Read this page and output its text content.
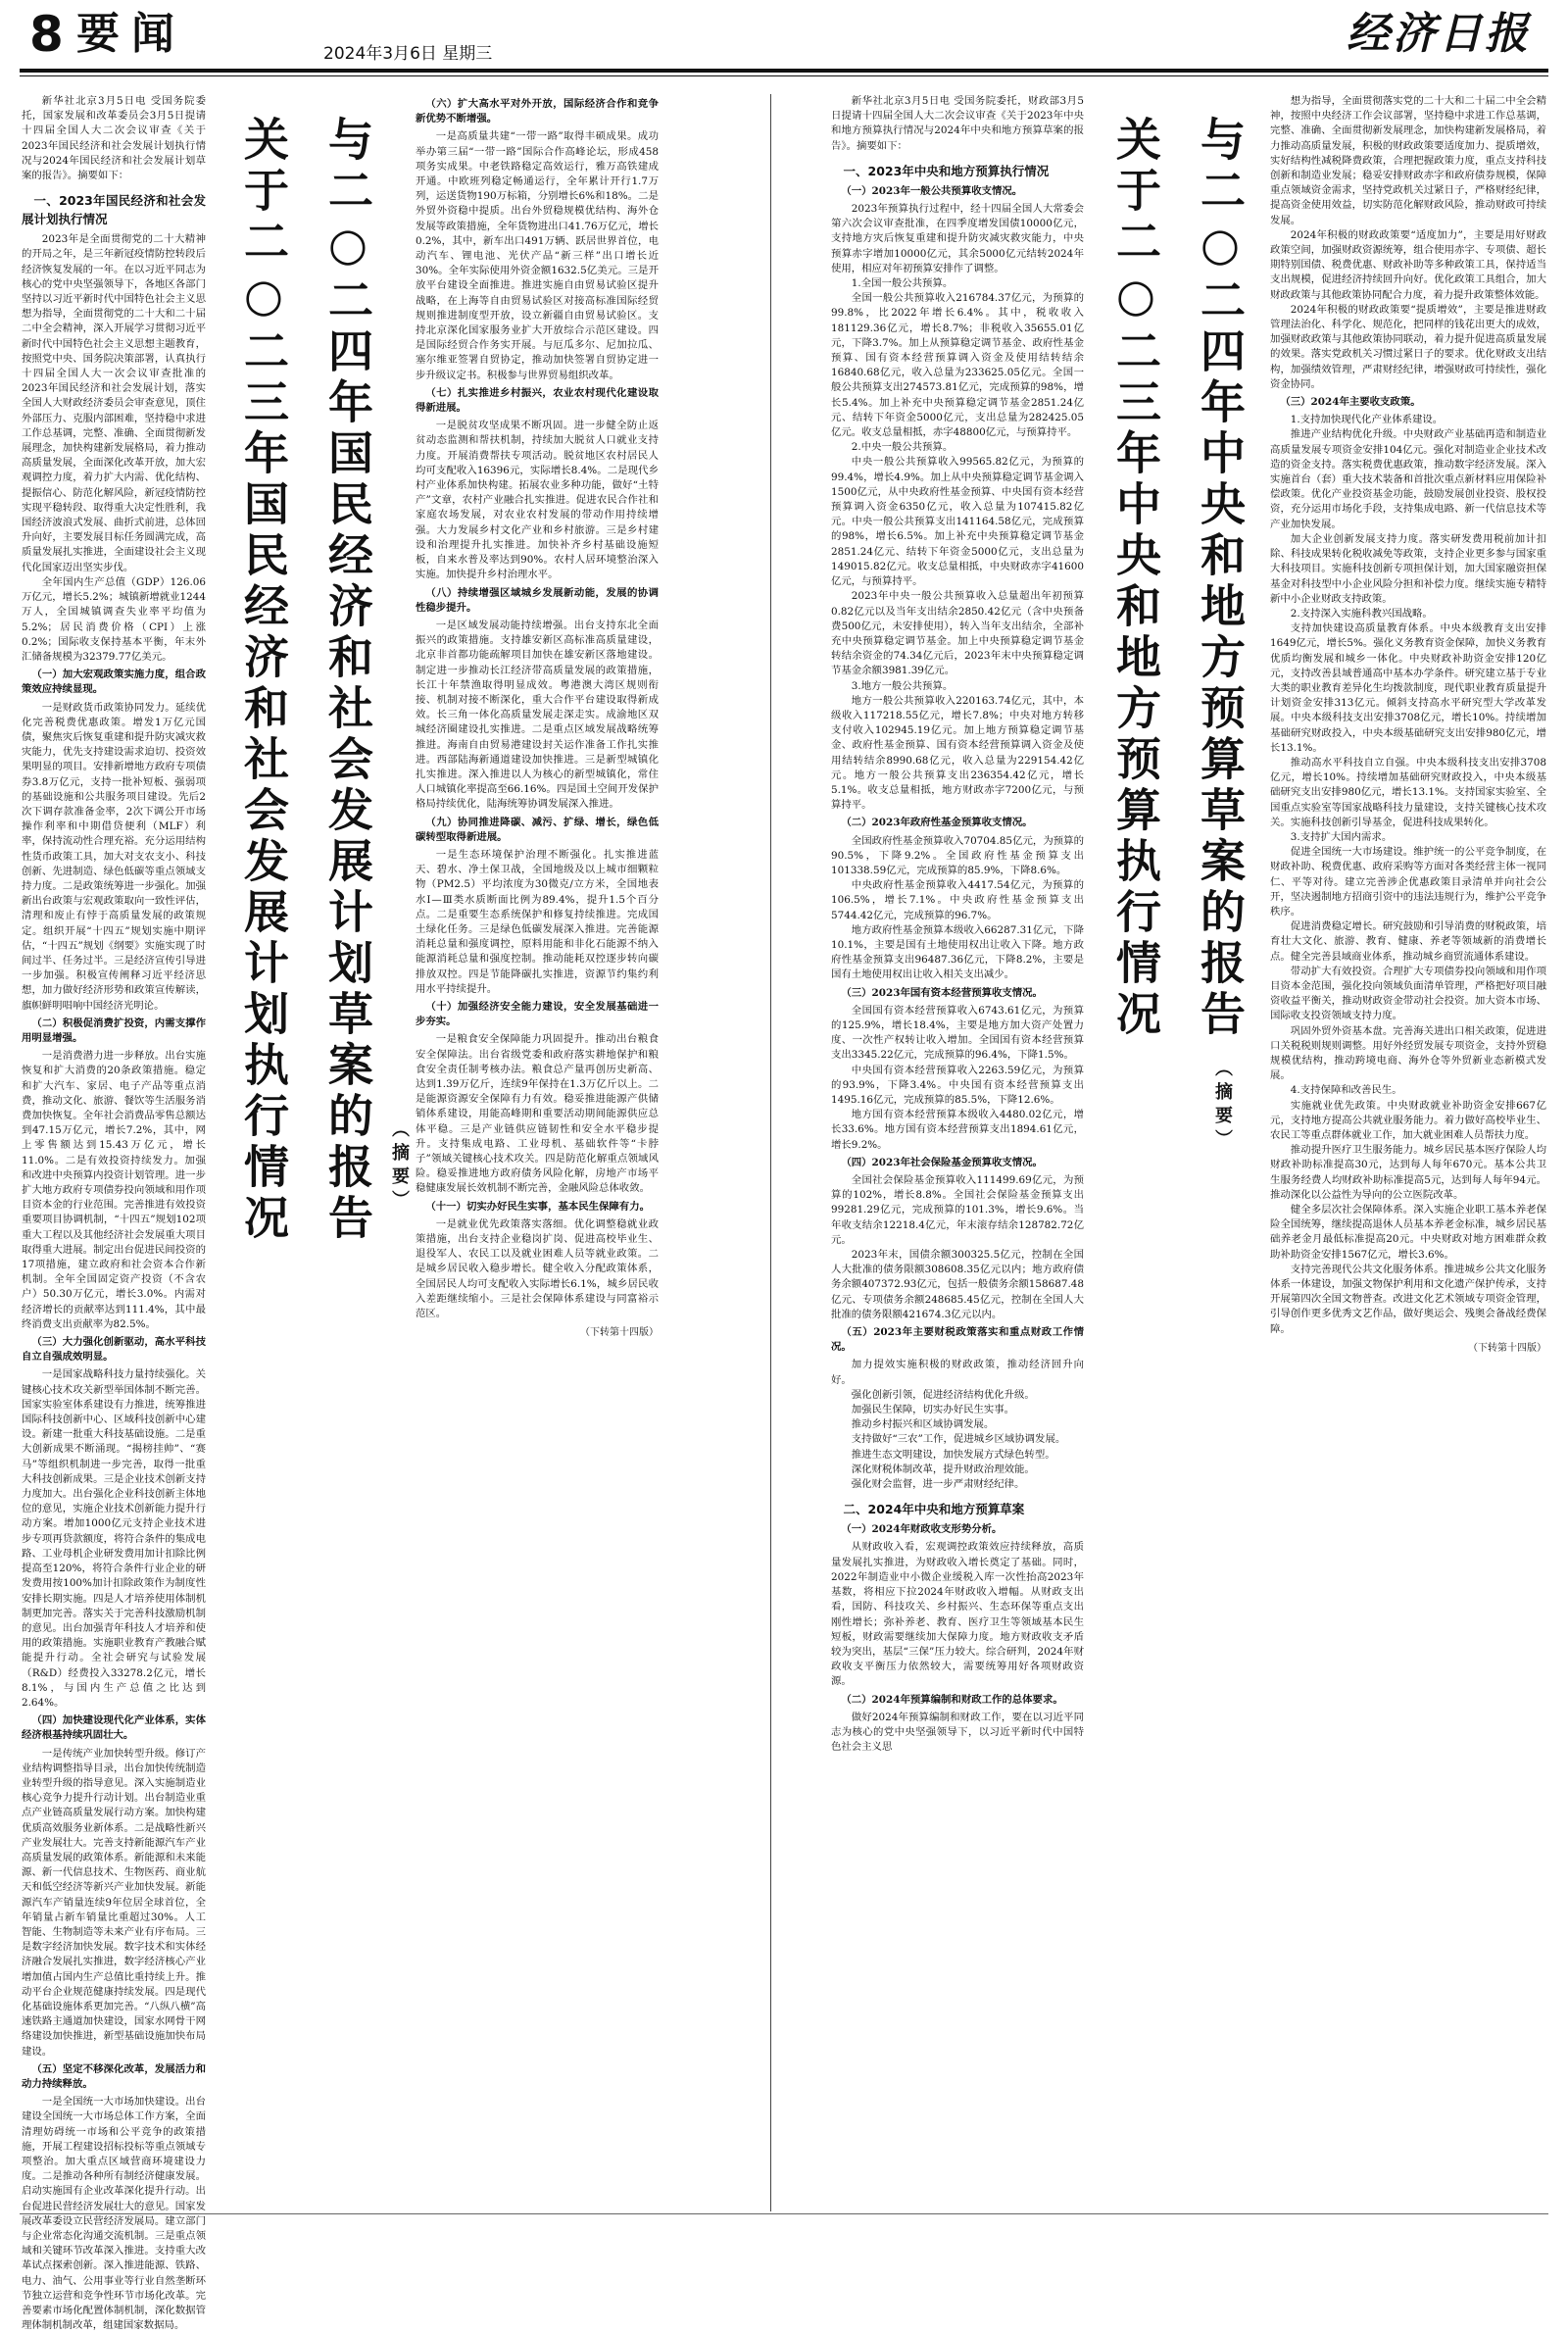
8 要闻	2024年3月6日 星期三	经济日报

新华社北京3月5日电 受国务院委托，国家发展和改革委员会3月5日提请十四届全国人大二次会议审查《关于2023年国民经济和社会发展计划执行情况与2024年国民经济和社会发展计划草案的报告》。摘要如下：

一、2023年国民经济和社会发展计划执行情况

2023年是全面贯彻党的二十大精神的开局之年，是三年新冠疫情防控转段后经济恢复发展的一年。在以习近平同志为核心的党中央坚强领导下，各地区各部门坚持以习近平新时代中国特色社会主义思想为指导，全面贯彻党的二十大和二十届二中全会精神，深入开展学习贯彻习近平新时代中国特色社会主义思想主题教育，按照党中央、国务院决策部署，认真执行十四届全国人大一次会议审查批准的2023年国民经济和社会发展计划，落实全国人大财政经济委员会审查意见，顶住外部压力、克服内部困难，坚持稳中求进工作总基调，完整、准确、全面贯彻新发展理念，加快构建新发展格局，着力推动高质量发展，全面深化改革开放，加大宏观调控力度，着力扩大内需、优化结构、提振信心、防范化解风险，新冠疫情防控实现平稳转段、取得重大决定性胜利，我国经济波浪式发展、曲折式前进，总体回升向好，主要发展目标任务圆满完成，高质量发展扎实推进，全面建设社会主义现代化国家迈出坚实步伐。

全年国内生产总值（GDP）126.06万亿元，增长5.2%；城镇新增就业1244万人，全国城镇调查失业率平均值为5.2%；居民消费价格（CPI）上涨0.2%；国际收支保持基本平衡，年末外汇储备规模为32379.77亿美元。

（一）加大宏观政策实施力度，组合政策效应持续显现。

一是财政货币政策协同发力。延续优化完善税费优惠政策。增发1万亿元国债，聚焦灾后恢复重建和提升防灾减灾救灾能力，优先支持建设需求迫切、投资效果明显的项目。安排新增地方政府专项债券3.8万亿元，支持一批补短板、强弱项的基础设施和公共服务项目建设。先后2次下调存款准备金率，2次下调公开市场操作利率和中期借贷便利（MLF）利率，保持流动性合理充裕。充分运用结构性货币政策工具，加大对支农支小、科技创新、先进制造、绿色低碳等重点领域支持力度。二是政策统筹进一步强化。加强新出台政策与宏观政策取向一致性评估，清理和废止有悖于高质量发展的政策规定。组织开展“十四五”规划实施中期评估，“十四五”规划《纲要》实施实现了时间过半、任务过半。三是经济宣传引导进一步加强。积极宣传阐释习近平经济思想，加力做好经济形势和政策宣传解读，旗帜鲜明唱响中国经济光明论。

（二）积极促消费扩投资，内需支撑作用明显增强。

一是消费潜力进一步释放。出台实施恢复和扩大消费的20条政策措施。稳定和扩大汽车、家居、电子产品等重点消费，推动文化、旅游、餐饮等生活服务消费加快恢复。全年社会消费品零售总额达到47.15万亿元，增长7.2%，其中，网上零售额达到15.43万亿元，增长11.0%。二是有效投资持续发力。加强和改进中央预算内投资计划管理。进一步扩大地方政府专项债券投向领域和用作项目资本金的行业范围。完善推进有效投资重要项目协调机制，“十四五”规划102项重大工程以及其他经济社会发展重大项目取得重大进展。制定出台促进民间投资的17项措施，建立政府和社会资本合作新机制。全年全国固定资产投资（不含农户）50.30万亿元，增长3.0%。内需对经济增长的贡献率达到111.4%，其中最终消费支出贡献率为82.5%。

（三）大力强化创新驱动，高水平科技自立自强成效明显。

一是国家战略科技力量持续强化。关键核心技术攻关新型举国体制不断完善。国家实验室体系建设有力推进，统筹推进国际科技创新中心、区域科技创新中心建设。新建一批重大科技基础设施。二是重大创新成果不断涌现。“揭榜挂帅”、“赛马”等组织机制进一步完善，取得一批重大科技创新成果。三是企业技术创新支持力度加大。出台强化企业科技创新主体地位的意见，实施企业技术创新能力提升行动方案。增加1000亿元支持企业技术进步专项再贷款额度，将符合条件的集成电路、工业母机企业研发费用加计扣除比例提高至120%，将符合条件行业企业的研发费用按100%加计扣除政策作为制度性安排长期实施。四是人才培养使用体制机制更加完善。落实关于完善科技激励机制的意见。出台加强青年科技人才培养和使用的政策措施。实施职业教育产教融合赋能提升行动。全社会研究与试验发展（R&D）经费投入33278.2亿元，增长8.1%，与国内生产总值之比达到2.64%。

（四）加快建设现代化产业体系，实体经济根基持续巩固壮大。

一是传统产业加快转型升级。修订产业结构调整指导目录，出台加快传统制造业转型升级的指导意见。深入实施制造业核心竞争力提升行动计划。出台制造业重点产业链高质量发展行动方案。加快构建优质高效服务业新体系。二是战略性新兴产业发展壮大。完善支持新能源汽车产业高质量发展的政策体系。新能源和未来能源、新一代信息技术、生物医药、商业航天和低空经济等新兴产业加快发展。新能源汽车产销量连续9年位居全球首位，全年销量占新车销量比重超过30%。人工智能、生物制造等未来产业有序布局。三是数字经济加快发展。数字技术和实体经济融合发展扎实推进，数字经济核心产业增加值占国内生产总值比重持续上升。推动平台企业规范健康持续发展。四是现代化基础设施体系更加完善。“八纵八横”高速铁路主通道加快建设，国家水网骨干网络建设加快推进，新型基础设施加快布局建设。

（五）坚定不移深化改革，发展活力和动力持续释放。

一是全国统一大市场加快建设。出台建设全国统一大市场总体工作方案，全面清理妨碍统一市场和公平竞争的政策措施，开展工程建设招标投标等重点领域专项整治。加大重点区域营商环境建设力度。二是推动各种所有制经济健康发展。启动实施国有企业改革深化提升行动。出台促进民营经济发展壮大的意见。国家发展改革委设立民营经济发展局。建立部门与企业常态化沟通交流机制。三是重点领域和关键环节改革深入推进。支持重大改革试点探索创新。深入推进能源、铁路、电力、油气、公用事业等行业自然垄断环节独立运营和竞争性环节市场化改革。完善要素市场化配置体制机制，深化数据管理体制机制改革，组建国家数据局。

关于二○二三年国民经济和社会发展计划执行情况 与二○二四年国民经济和社会发展计划草案的报告 （摘要）
（六）扩大高水平对外开放，国际经济合作和竞争新优势不断增强。

一是高质量共建“一带一路”取得丰硕成果。成功举办第三届“一带一路”国际合作高峰论坛，形成458项务实成果。中老铁路稳定高效运行，雅万高铁建成开通。中欧班列稳定畅通运行，全年累计开行1.7万列，运送货物190万标箱，分别增长6%和18%。二是外贸外资稳中提质。出台外贸稳规模优结构、海外仓发展等政策措施，全年货物进出口41.76万亿元，增长0.2%，其中，新车出口491万辆、跃居世界首位，电动汽车、锂电池、光伏产品“新三样”出口增长近30%。全年实际使用外资金额1632.5亿美元。三是开放平台建设全面推进。推进实施自由贸易试验区提升战略，在上海等自由贸易试验区对接高标准国际经贸规则推进制度型开放，设立新疆自由贸易试验区。支持北京深化国家服务业扩大开放综合示范区建设。四是国际经贸合作务实开展。与厄瓜多尔、尼加拉瓜、塞尔维亚签署自贸协定，推动加快签署自贸协定进一步升级议定书。积极参与世界贸易组织改革。

（七）扎实推进乡村振兴，农业农村现代化建设取得新进展。

一是脱贫攻坚成果不断巩固。进一步健全防止返贫动态监测和帮扶机制，持续加大脱贫人口就业支持力度。开展消费帮扶专项活动。脱贫地区农村居民人均可支配收入16396元，实际增长8.4%。二是现代乡村产业体系加快构建。拓展农业多种功能，做好“土特产”文章，农村产业融合扎实推进。促进农民合作社和家庭农场发展，对农业农村发展的带动作用持续增强。大力发展乡村文化产业和乡村旅游。三是乡村建设和治理提升扎实推进。加快补齐乡村基础设施短板，自来水普及率达到90%。农村人居环境整治深入实施。加快提升乡村治理水平。

（八）持续增强区域城乡发展新动能，发展的协调性稳步提升。

一是区域发展动能持续增强。出台支持东北全面振兴的政策措施。支持雄安新区高标准高质量建设，北京非首都功能疏解项目加快在雄安新区落地建设。制定进一步推动长江经济带高质量发展的政策措施，长江十年禁渔取得明显成效。粤港澳大湾区规则衔接、机制对接不断深化，重大合作平台建设取得新成效。长三角一体化高质量发展走深走实。成渝地区双城经济圈建设扎实推进。二是重点区域发展战略统筹推进。海南自由贸易港建设封关运作准备工作扎实推进。西部陆海新通道建设加快推进。三是新型城镇化扎实推进。深入推进以人为核心的新型城镇化，常住人口城镇化率提高至66.16%。四是国土空间开发保护格局持续优化，陆海统筹协调发展深入推进。

（九）协同推进降碳、减污、扩绿、增长，绿色低碳转型取得新进展。

一是生态环境保护治理不断强化。扎实推进蓝天、碧水、净土保卫战，全国地级及以上城市细颗粒物（PM2.5）平均浓度为30微克/立方米，全国地表水Ⅰ—Ⅲ类水质断面比例为89.4%，提升1.5个百分点。二是重要生态系统保护和修复持续推进。完成国土绿化任务。三是绿色低碳发展深入推进。完善能源消耗总量和强度调控，原料用能和非化石能源不纳入能源消耗总量和强度控制。推动能耗双控逐步转向碳排放双控。四是节能降碳扎实推进，资源节约集约利用水平持续提升。

（十）加强经济安全能力建设，安全发展基础进一步夯实。

一是粮食安全保障能力巩固提升。推动出台粮食安全保障法。出台省级党委和政府落实耕地保护和粮食安全责任制考核办法。粮食总产量再创历史新高、达到1.39万亿斤，连续9年保持在1.3万亿斤以上。二是能源资源安全保障有力有效。稳妥推进能源产供储销体系建设，用能高峰期和重要活动期间能源供应总体平稳。三是产业链供应链韧性和安全水平稳步提升。支持集成电路、工业母机、基础软件等“卡脖子”领域关键核心技术攻关。四是防范化解重点领域风险。稳妥推进地方政府债务风险化解，房地产市场平稳健康发展长效机制不断完善，金融风险总体收敛。

（十一）切实办好民生实事，基本民生保障有力。

一是就业优先政策落实落细。优化调整稳就业政策措施，出台支持企业稳岗扩岗、促进高校毕业生、退役军人、农民工以及就业困难人员等就业政策。二是城乡居民收入稳步增长。健全收入分配政策体系，全国居民人均可支配收入实际增长6.1%，城乡居民收入差距继续缩小。三是社会保障体系建设与同富裕示范区。

（下转第十四版）

新华社北京3月5日电 受国务院委托，财政部3月5日提请十四届全国人大二次会议审查《关于2023年中央和地方预算执行情况与2024年中央和地方预算草案的报告》。摘要如下：

一、2023年中央和地方预算执行情况
（一）2023年一般公共预算收支情况。

2023年预算执行过程中，经十四届全国人大常委会第六次会议审查批准，在四季度增发国债10000亿元，支持地方灾后恢复重建和提升防灾减灾救灾能力，中央预算赤字增加10000亿元，其余5000亿元结转2024年使用，相应对年初预算安排作了调整。

1.全国一般公共预算。

全国一般公共预算收入216784.37亿元，为预算的99.8%，比2022年增长6.4%。其中，税收收入181129.36亿元，增长8.7%；非税收入35655.01亿元，下降3.7%。加上从预算稳定调节基金、政府性基金预算、国有资本经营预算调入资金及使用结转结余16840.68亿元，收入总量为233625.05亿元。全国一般公共预算支出274573.81亿元，完成预算的98%，增长5.4%。加上补充中央预算稳定调节基金2851.24亿元、结转下年资金5000亿元，支出总量为282425.05亿元。收支总量相抵，赤字48800亿元，与预算持平。

2.中央一般公共预算。

中央一般公共预算收入99565.82亿元，为预算的99.4%，增长4.9%。加上从中央预算稳定调节基金调入1500亿元，从中央政府性基金预算、中央国有资本经营预算调入资金6350亿元，收入总量为107415.82亿元。中央一般公共预算支出141164.58亿元，完成预算的98%，增长6.5%。加上补充中央预算稳定调节基金2851.24亿元、结转下年资金5000亿元，支出总量为149015.82亿元。收支总量相抵，中央财政赤字41600亿元，与预算持平。

2023年中央一般公共预算收入总量超出年初预算0.82亿元以及当年支出结余2850.42亿元（含中央预备费500亿元，未安排使用），转入当年支出结余，全部补充中央预算稳定调节基金。加上中央预算稳定调节基金转结余资金的74.34亿元后，2023年末中央预算稳定调节基金余额3981.39亿元。

3.地方一般公共预算。

地方一般公共预算收入220163.74亿元，其中，本级收入117218.55亿元，增长7.8%；中央对地方转移支付收入102945.19亿元。加上地方预算稳定调节基金、政府性基金预算、国有资本经营预算调入资金及使用结转结余8990.68亿元，收入总量为229154.42亿元。地方一般公共预算支出236354.42亿元，增长5.1%。收支总量相抵，地方财政赤字7200亿元，与预算持平。

（二）2023年政府性基金预算收支情况。

全国政府性基金预算收入70704.85亿元，为预算的90.5%，下降9.2%。全国政府性基金预算支出101338.59亿元，完成预算的85.9%，下降8.6%。

中央政府性基金预算收入4417.54亿元，为预算的106.5%，增长7.1%。中央政府性基金预算支出5744.42亿元，完成预算的96.7%。

地方政府性基金预算本级收入66287.31亿元，下降10.1%，主要是国有土地使用权出让收入下降。地方政府性基金预算支出96487.36亿元，下降8.2%，主要是国有土地使用权出让收入相关支出减少。

（三）2023年国有资本经营预算收支情况。

全国国有资本经营预算收入6743.61亿元，为预算的125.9%，增长18.4%，主要是地方加大资产处置力度、一次性产权转让收入增加。全国国有资本经营预算支出3345.22亿元，完成预算的96.4%，下降1.5%。

中央国有资本经营预算收入2263.59亿元，为预算的93.9%，下降3.4%。中央国有资本经营预算支出1495.16亿元，完成预算的85.5%，下降12.6%。

地方国有资本经营预算本级收入4480.02亿元，增长33.6%。地方国有资本经营预算支出1894.61亿元，增长9.2%。

（四）2023年社会保险基金预算收支情况。

全国社会保险基金预算收入111499.69亿元，为预算的102%，增长8.8%。全国社会保险基金预算支出99281.29亿元，完成预算的101.3%，增长9.6%。当年收支结余12218.4亿元，年末滚存结余128782.72亿元。

2023年末，国债余额300325.5亿元，控制在全国人大批准的债务限额308608.35亿元以内；地方政府债务余额407372.93亿元，包括一般债务余额158687.48亿元、专项债务余额248685.45亿元，控制在全国人大批准的债务限额421674.3亿元以内。

（五）2023年主要财税政策落实和重点财政工作情况。

加力提效实施积极的财政政策，推动经济回升向好。

强化创新引领，促进经济结构优化升级。

加强民生保障，切实办好民生实事。

推动乡村振兴和区域协调发展。

支持做好“三农”工作，促进城乡区域协调发展。

推进生态文明建设，加快发展方式绿色转型。

深化财税体制改革，提升财政治理效能。

强化财会监督，进一步严肃财经纪律。

二、2024年中央和地方预算草案
（一）2024年财政收支形势分析。

从财政收入看，宏观调控政策效应持续释放，高质量发展扎实推进，为财政收入增长奠定了基础。同时，2022年制造业中小微企业缓税入库一次性抬高2023年基数，将相应下拉2024年财政收入增幅。从财政支出看，国防、科技攻关、乡村振兴、生态环保等重点支出刚性增长；弥补养老、教育、医疗卫生等领域基本民生短板，财政需要继续加大保障力度。地方财政收支矛盾较为突出，基层“三保”压力较大。综合研判，2024年财政收支平衡压力依然较大，需要统筹用好各项财政资源。

（二）2024年预算编制和财政工作的总体要求。

做好2024年预算编制和财政工作，要在以习近平同志为核心的党中央坚强领导下，以习近平新时代中国特色社会主义思

关于二○二三年中央和地方预算执行情况 与二○二四年中央和地方预算草案的报告
（摘要）

想为指导，全面贯彻落实党的二十大和二十届二中全会精神，按照中央经济工作会议部署，坚持稳中求进工作总基调，完整、准确、全面贯彻新发展理念，加快构建新发展格局，着力推动高质量发展，积极的财政政策要适度加力、提质增效，实好结构性减税降费政策，合理把握政策力度，重点支持科技创新和制造业发展；稳妥安排财政赤字和政府债券规模，保障重点领域资金需求，坚持党政机关过紧日子，严格财经纪律，提高资金使用效益，切实防范化解财政风险，推动财政可持续发展。

2024年积极的财政政策要“适度加力”，主要是用好财政政策空间，加强财政资源统筹，组合使用赤字、专项债、超长期特别国债、税费优惠、财政补助等多种政策工具，保持适当支出规模，促进经济持续回升向好。优化政策工具组合，加大财政政策与其他政策协同配合力度，着力提升政策整体效能。

2024年积极的财政政策要“提质增效”，主要是推进财政管理法治化、科学化、规范化，把同样的钱花出更大的成效，加强财政政策与其他政策协同联动，着力提升促进高质量发展的效果。落实党政机关习惯过紧日子的要求。优化财政支出结构，加强绩效管理，严肃财经纪律，增强财政可持续性，强化资金协同。

（三）2024年主要收支政策。

1.支持加快现代化产业体系建设。

推进产业结构优化升级。中央财政产业基础再造和制造业高质量发展专项资金安排104亿元。强化对制造业企业技术改造的资金支持。落实税费优惠政策，推动数字经济发展。深入实施首台（套）重大技术装备和首批次重点新材料应用保险补偿政策。优化产业投资基金功能，鼓励发展创业投资、股权投资，充分运用市场化手段，支持集成电路、新一代信息技术等产业加快发展。

加大企业创新发展支持力度。落实研发费用税前加计扣除、科技成果转化税收减免等政策，支持企业更多参与国家重大科技项目。实施科技创新专项担保计划，加大国家融资担保基金对科技型中小企业风险分担和补偿力度。继续实施专精特新中小企业财政支持政策。

2.支持深入实施科教兴国战略。

支持加快建设高质量教育体系。中央本级教育支出安排1649亿元，增长5%。强化义务教育资金保障，加快义务教育优质均衡发展和城乡一体化。中央财政补助资金安排120亿元，支持改善县域普通高中基本办学条件。研究建立基于专业大类的职业教育差异化生均拨款制度，现代职业教育质量提升计划资金安排313亿元。倾斜支持高水平研究型大学改革发展。中央本级科技支出安排3708亿元，增长10%。持续增加基础研究财政投入，中央本级基础研究支出安排980亿元，增长13.1%。

推动高水平科技自立自强。中央本级科技支出安排3708亿元，增长10%。持续增加基础研究财政投入，中央本级基础研究支出安排980亿元，增长13.1%。支持国家实验室、全国重点实验室等国家战略科技力量建设，支持关键核心技术攻关。实施科技创新引导基金，促进科技成果转化。

3.支持扩大国内需求。

促进全国统一大市场建设。维护统一的公平竞争制度，在财政补助、税费优惠、政府采购等方面对各类经营主体一视同仁、平等对待。建立完善涉企优惠政策目录清单并向社会公开，坚决遏制地方招商引资中的违法违规行为，维护公平竞争秩序。

促进消费稳定增长。研究鼓励和引导消费的财税政策，培育壮大文化、旅游、教育、健康、养老等领域新的消费增长点。健全完善县域商业体系，推动城乡商贸流通体系建设。

带动扩大有效投资。合理扩大专项债券投向领域和用作项目资本金范围，强化投向领域负面清单管理，严格把好项目融资收益平衡关，推动财政资金带动社会投资。加大资本市场、国际收支投资领域支持力度。

巩固外贸外资基本盘。完善海关进出口相关政策，促进进口关税税则规则调整。用好外经贸发展专项资金，支持外贸稳规模优结构，推动跨境电商、海外仓等外贸新业态新模式发展。

4.支持保障和改善民生。

实施就业优先政策。中央财政就业补助资金安排667亿元，支持地方提高公共就业服务能力。着力做好高校毕业生、农民工等重点群体就业工作，加大就业困难人员帮扶力度。

推动提升医疗卫生服务能力。城乡居民基本医疗保险人均财政补助标准提高30元，达到每人每年670元。基本公共卫生服务经费人均财政补助标准提高5元，达到每人每年94元。推动深化以公益性为导向的公立医院改革。

健全多层次社会保障体系。深入实施企业职工基本养老保险全国统筹，继续提高退休人员基本养老金标准，城乡居民基础养老金月最低标准提高20元。中央财政对地方困难群众救助补助资金安排1567亿元，增长3.6%。

支持完善现代公共文化服务体系。推进城乡公共文化服务体系一体建设，加强文物保护利用和文化遗产保护传承，支持开展第四次全国文物普查。改进文化艺术领域专项资金管理，引导创作更多优秀文艺作品，做好奥运会、残奥会备战经费保障。

（下转第十四版）
